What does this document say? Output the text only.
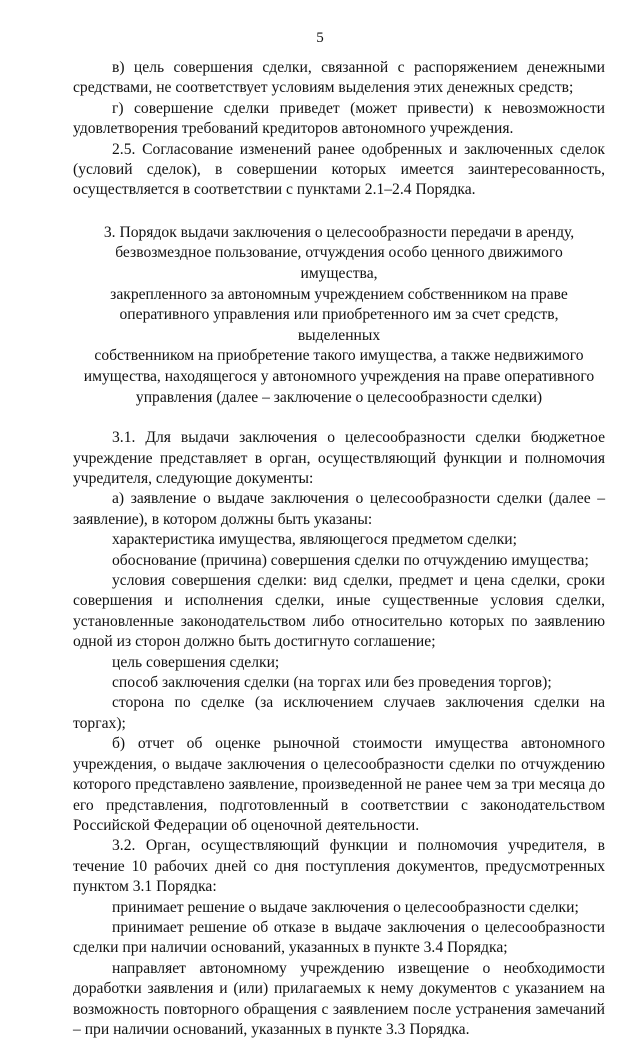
5

в) цель совершения сделки, связанной с распоряжением денежными средствами, не соответствует условиям выделения этих денежных средств;

г) совершение сделки приведет (может привести) к невозможности удовлетворения требований кредиторов автономного учреждения.

2.5. Согласование изменений ранее одобренных и заключенных сделок (условий сделок), в совершении которых имеется заинтересованность, осуществляется в соответствии с пунктами 2.1–2.4 Порядка.

3. Порядок выдачи заключения о целесообразности передачи в аренду,
безвозмездное пользование, отчуждения особо ценного движимого имущества,
закрепленного за автономным учреждением собственником на праве
оперативного управления или приобретенного им за счет средств, выделенных
собственником на приобретение такого имущества, а также недвижимого
имущества, находящегося у автономного учреждения на праве оперативного
управления (далее – заключение о целесообразности сделки)

3.1. Для выдачи заключения о целесообразности сделки бюджетное учреждение представляет в орган, осуществляющий функции и полномочия учредителя, следующие документы:

а) заявление о выдаче заключения о целесообразности сделки (далее – заявление), в котором должны быть указаны:

характеристика имущества, являющегося предметом сделки;

обоснование (причина) совершения сделки по отчуждению имущества;

условия совершения сделки: вид сделки, предмет и цена сделки, сроки совершения и исполнения сделки, иные существенные условия сделки, установленные законодательством либо относительно которых по заявлению одной из сторон должно быть достигнуто соглашение;

цель совершения сделки;

способ заключения сделки (на торгах или без проведения торгов);

сторона по сделке (за исключением случаев заключения сделки на торгах);

б) отчет об оценке рыночной стоимости имущества автономного учреждения, о выдаче заключения о целесообразности сделки по отчуждению которого представлено заявление, произведенной не ранее чем за три месяца до его представления, подготовленный в соответствии с законодательством Российской Федерации об оценочной деятельности.

3.2. Орган, осуществляющий функции и полномочия учредителя, в течение 10 рабочих дней со дня поступления документов, предусмотренных пунктом 3.1 Порядка:

принимает решение о выдаче заключения о целесообразности сделки;

принимает решение об отказе в выдаче заключения о целесообразности сделки при наличии оснований, указанных в пункте 3.4 Порядка;

направляет автономному учреждению извещение о необходимости доработки заявления и (или) прилагаемых к нему документов с указанием на возможность повторного обращения с заявлением после устранения замечаний – при наличии оснований, указанных в пункте 3.3 Порядка.
